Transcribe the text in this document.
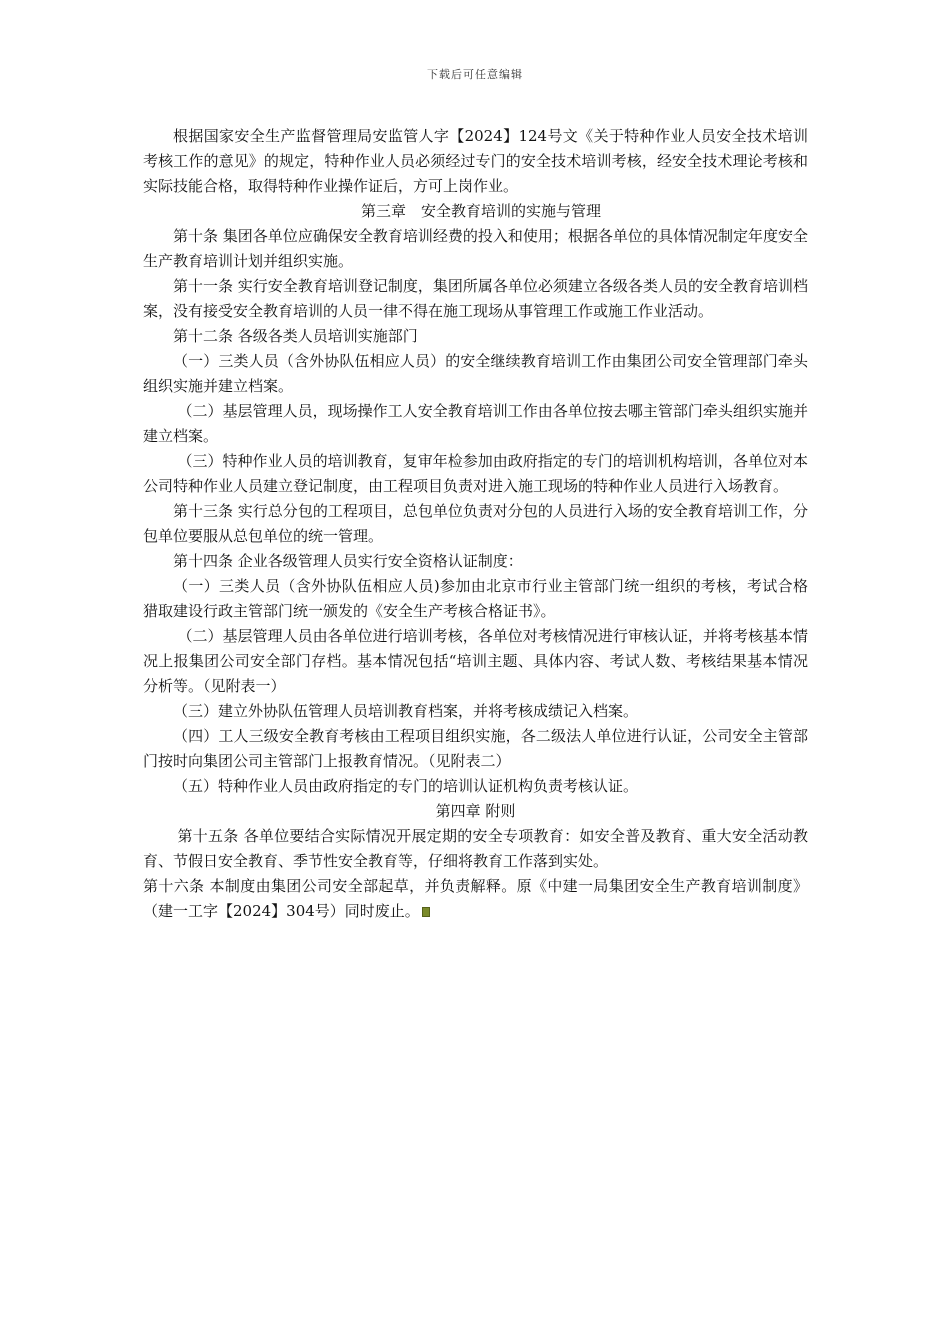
下载后可任意编辑

根据国家安全生产监督管理局安监管人字【2024】124号文《关于特种作业人员安全技术培训考核工作的意见》的规定，特种作业人员必须经过专门的安全技术培训考核，经安全技术理论考核和实际技能合格，取得特种作业操作证后，方可上岗作业。

第三章　安全教育培训的实施与管理

第十条 集团各单位应确保安全教育培训经费的投入和使用；根据各单位的具体情况制定年度安全生产教育培训计划并组织实施。

第十一条 实行安全教育培训登记制度，集团所属各单位必须建立各级各类人员的安全教育培训档案，没有接受安全教育培训的人员一律不得在施工现场从事管理工作或施工作业活动。

第十二条 各级各类人员培训实施部门

（一）三类人员（含外协队伍相应人员）的安全继续教育培训工作由集团公司安全管理部门牵头组织实施并建立档案。

（二）基层管理人员，现场操作工人安全教育培训工作由各单位按去哪主管部门牵头组织实施并建立档案。

（三）特种作业人员的培训教育，复审年检参加由政府指定的专门的培训机构培训，各单位对本公司特种作业人员建立登记制度，由工程项目负责对进入施工现场的特种作业人员进行入场教育。

第十三条 实行总分包的工程项目，总包单位负责对分包的人员进行入场的安全教育培训工作，分包单位要服从总包单位的统一管理。

第十四条 企业各级管理人员实行安全资格认证制度：

（一）三类人员（含外协队伍相应人员)参加由北京市行业主管部门统一组织的考核，考试合格猎取建设行政主管部门统一颁发的《安全生产考核合格证书》。

（二）基层管理人员由各单位进行培训考核，各单位对考核情况进行审核认证，并将考核基本情况上报集团公司安全部门存档。基本情况包括“培训主题、具体内容、考试人数、考核结果基本情况分析等。（见附表一）

（三）建立外协队伍管理人员培训教育档案，并将考核成绩记入档案。

（四）工人三级安全教育考核由工程项目组织实施，各二级法人单位进行认证，公司安全主管部门按时向集团公司主管部门上报教育情况。（见附表二）

（五）特种作业人员由政府指定的专门的培训认证机构负责考核认证。

第四章 附则

第十五条 各单位要结合实际情况开展定期的安全专项教育：如安全普及教育、重大安全活动教育、节假日安全教育、季节性安全教育等，仔细将教育工作落到实处。

第十六条 本制度由集团公司安全部起草，并负责解释。原《中建一局集团安全生产教育培训制度》（建一工字【2024】304号）同时废止。
